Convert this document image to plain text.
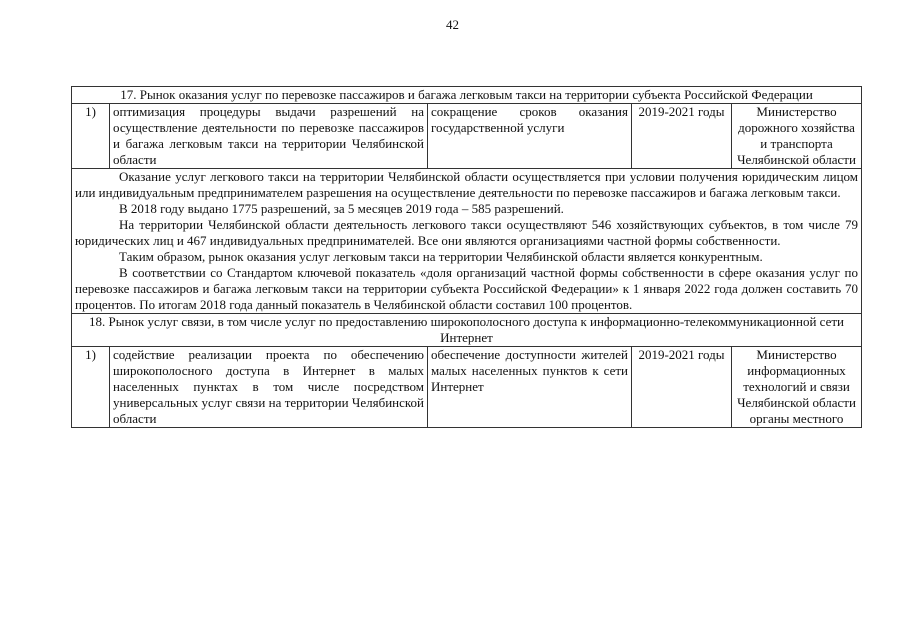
42
17. Рынок оказания услуг по перевозке пассажиров и багажа легковым такси на территории субъекта Российской Федерации				
1)	оптимизация процедуры выдачи разрешений на осуществление деятельности по перевозке пассажиров и багажа легковым такси на территории Челябинской области	сокращение сроков оказания государственной услуги	2019-2021 годы	Министерство дорожного хозяйства и транспорта Челябинской области

Оказание услуг легкового такси на территории Челябинской области осуществляется при условии получения юридическим лицом или индивидуальным предпринимателем разрешения на осуществление деятельности по перевозке пассажиров и багажа легковым такси.

В 2018 году выдано 1775 разрешений, за 5 месяцев 2019 года – 585 разрешений.

На территории Челябинской области деятельность легкового такси осуществляют 546 хозяйствующих субъектов, в том числе 79 юридических лиц и 467 индивидуальных предпринимателей. Все они являются организациями частной формы собственности.

Таким образом, рынок оказания услуг легковым такси на территории Челябинской области является конкурентным.

В соответствии со Стандартом ключевой показатель «доля организаций частной формы собственности в сфере оказания услуг по перевозке пассажиров и багажа легковым такси на территории субъекта Российской Федерации» к 1 января 2022 года должен составить 70 процентов. По итогам 2018 года данный показатель в Челябинской области составил 100 процентов.				

18. Рынок услуг связи, в том числе услуг по предоставлению широкополосного доступа к информационно-телекоммуникационной сети Интернет				
1)	содействие реализации проекта по обеспечению широкополосного доступа в Интернет в малых населенных пунктах в том числе посредством универсальных услуг связи на территории Челябинской области	обеспечение доступности жителей малых населенных пунктов к сети Интернет	2019-2021 годы	Министерство информационных технологий и связи Челябинской области органы местного
